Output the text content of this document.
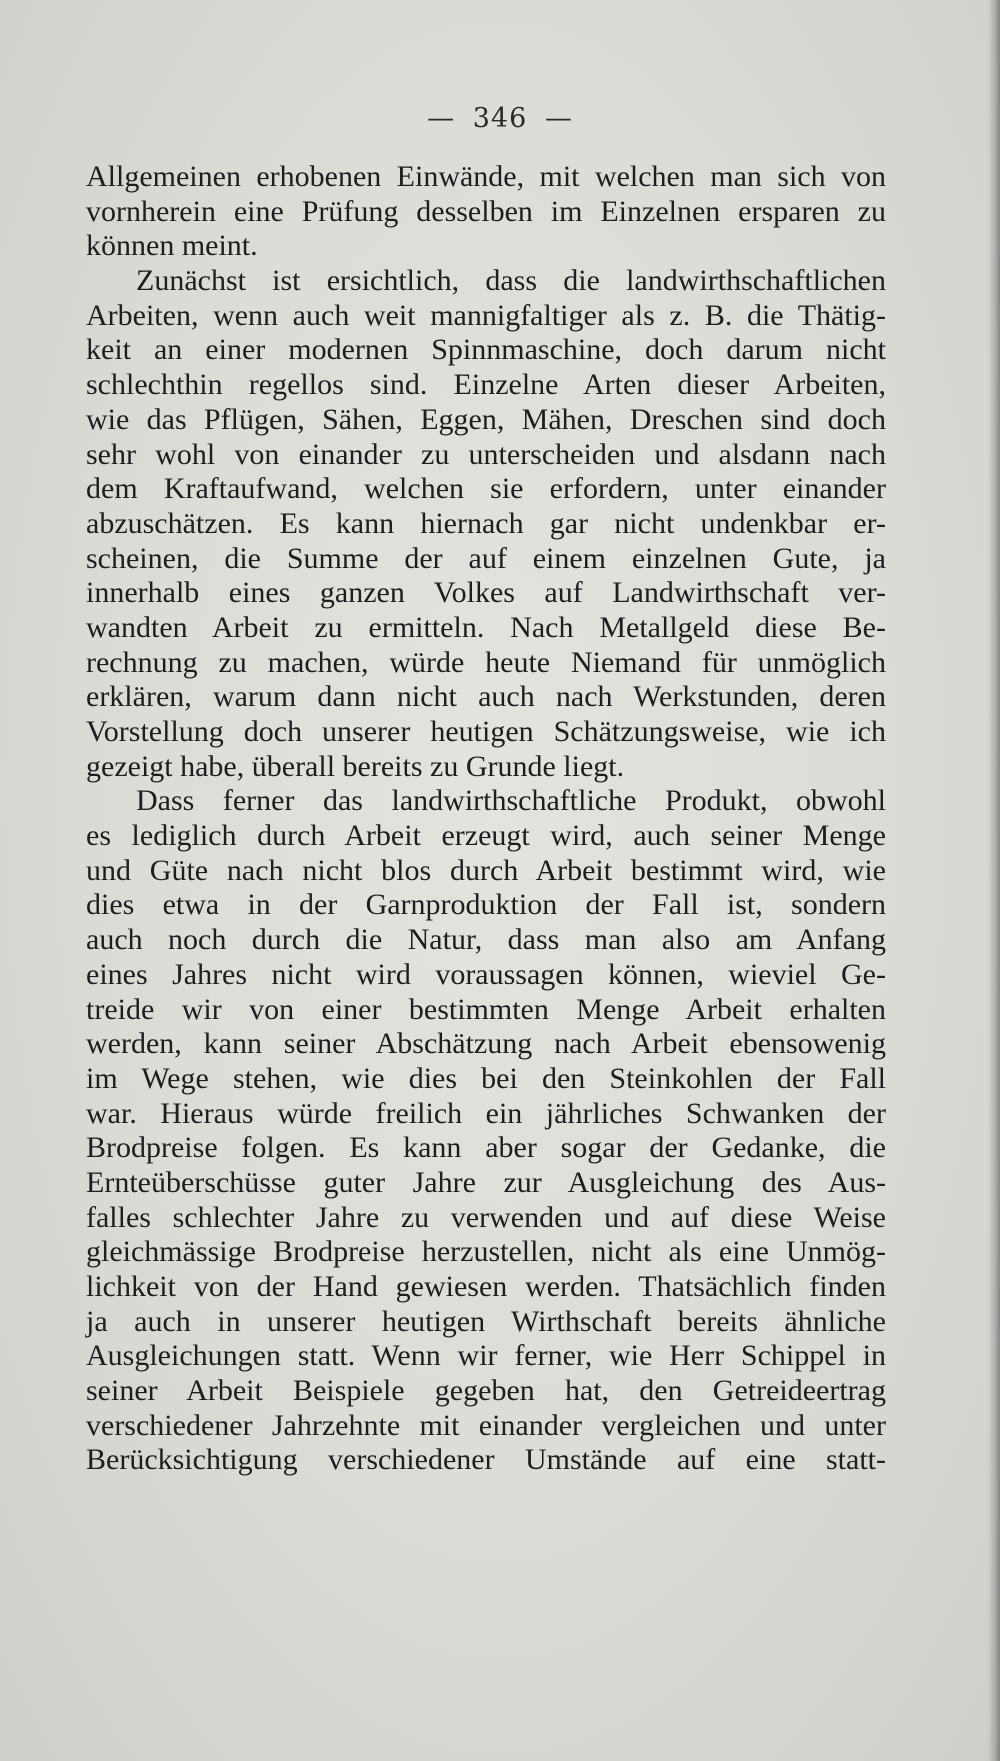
— 346 —
Allgemeinen erhobenen Einwände, mit welchen man sich von
vornherein eine Prüfung desselben im Einzelnen ersparen zu
können meint.
Zunächst ist ersichtlich, dass die landwirthschaftlichen
Arbeiten, wenn auch weit mannigfaltiger als z. B. die Thätig-
keit an einer modernen Spinnmaschine, doch darum nicht
schlechthin regellos sind. Einzelne Arten dieser Arbeiten,
wie das Pflügen, Sähen, Eggen, Mähen, Dreschen sind doch
sehr wohl von einander zu unterscheiden und alsdann nach
dem Kraftaufwand, welchen sie erfordern, unter einander
abzuschätzen. Es kann hiernach gar nicht undenkbar er-
scheinen, die Summe der auf einem einzelnen Gute, ja
innerhalb eines ganzen Volkes auf Landwirthschaft ver-
wandten Arbeit zu ermitteln. Nach Metallgeld diese Be-
rechnung zu machen, würde heute Niemand für unmöglich
erklären, warum dann nicht auch nach Werkstunden, deren
Vorstellung doch unserer heutigen Schätzungsweise, wie ich
gezeigt habe, überall bereits zu Grunde liegt.
Dass ferner das landwirthschaftliche Produkt, obwohl
es lediglich durch Arbeit erzeugt wird, auch seiner Menge
und Güte nach nicht blos durch Arbeit bestimmt wird, wie
dies etwa in der Garnproduktion der Fall ist, sondern
auch noch durch die Natur, dass man also am Anfang
eines Jahres nicht wird voraussagen können, wieviel Ge-
treide wir von einer bestimmten Menge Arbeit erhalten
werden, kann seiner Abschätzung nach Arbeit ebensowenig
im Wege stehen, wie dies bei den Steinkohlen der Fall
war. Hieraus würde freilich ein jährliches Schwanken der
Brodpreise folgen. Es kann aber sogar der Gedanke, die
Ernteüberschüsse guter Jahre zur Ausgleichung des Aus-
falles schlechter Jahre zu verwenden und auf diese Weise
gleichmässige Brodpreise herzustellen, nicht als eine Unmög-
lichkeit von der Hand gewiesen werden. Thatsächlich finden
ja auch in unserer heutigen Wirthschaft bereits ähnliche
Ausgleichungen statt. Wenn wir ferner, wie Herr Schippel in
seiner Arbeit Beispiele gegeben hat, den Getreideertrag
verschiedener Jahrzehnte mit einander vergleichen und unter
Berücksichtigung verschiedener Umstände auf eine statt-
